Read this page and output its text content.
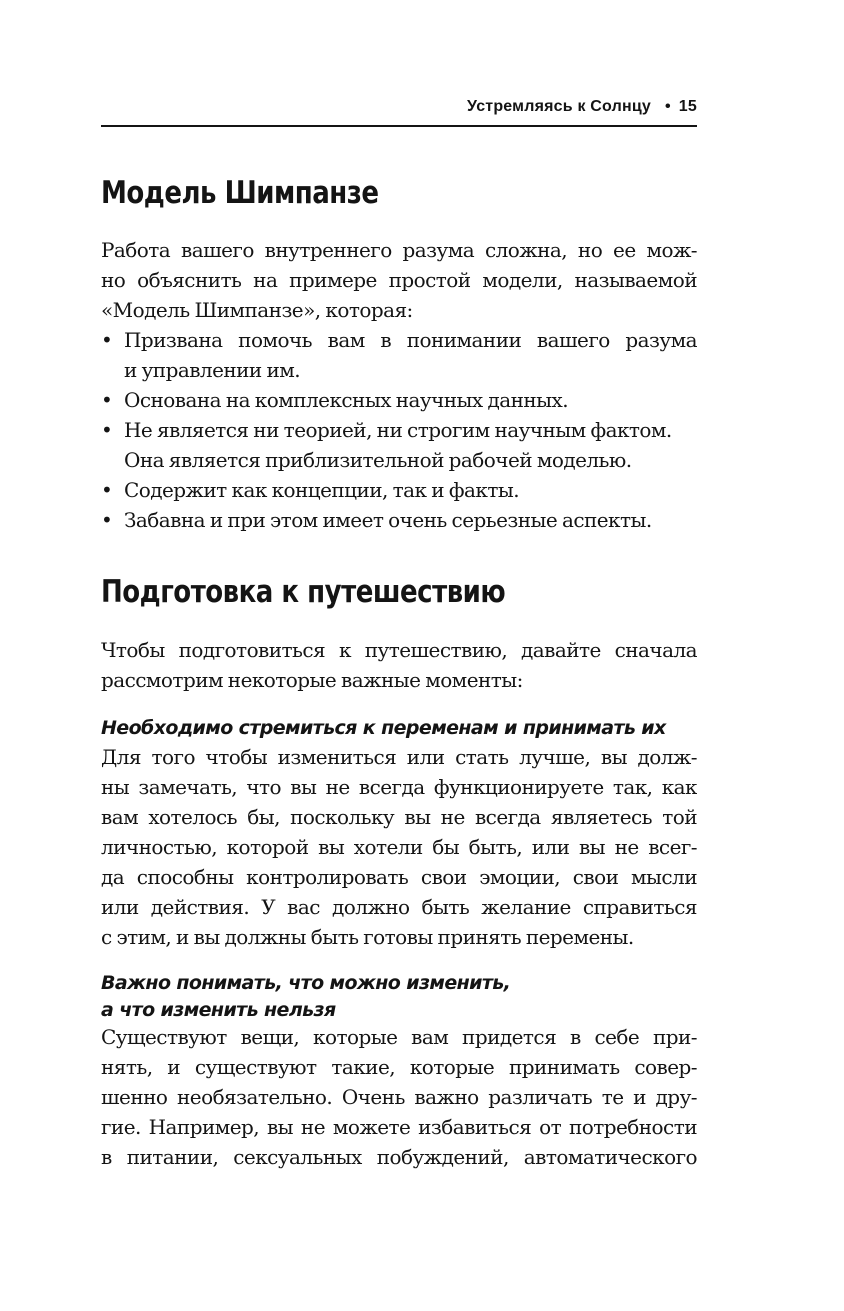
Устремляясь к Солнцу • 15
Модель Шимпанзе
Работа вашего внутреннего разума сложна, но ее мож-
но объяснить на примере простой модели, называемой
«Модель Шимпанзе», которая:
• Призвана помочь вам в понимании вашего разума
и управлении им.
• Основана на комплексных научных данных.
• Не является ни теорией, ни строгим научным фактом.
Она является приблизительной рабочей моделью.
• Содержит как концепции, так и факты.
• Забавна и при этом имеет очень серьезные аспекты.
Подготовка к путешествию
Чтобы подготовиться к путешествию, давайте сначала
рассмотрим некоторые важные моменты:
Необходимо стремиться к переменам и принимать их
Для того чтобы измениться или стать лучше, вы долж-
ны замечать, что вы не всегда функционируете так, как
вам хотелось бы, поскольку вы не всегда являетесь той
личностью, которой вы хотели бы быть, или вы не всег-
да способны контролировать свои эмоции, свои мысли
или действия. У вас должно быть желание справиться
с этим, и вы должны быть готовы принять перемены.
Важно понимать, что можно изменить,
а что изменить нельзя
Существуют вещи, которые вам придется в себе при-
нять, и существуют такие, которые принимать совер-
шенно необязательно. Очень важно различать те и дру-
гие. Например, вы не можете избавиться от потребности
в питании, сексуальных побуждений, автоматического
